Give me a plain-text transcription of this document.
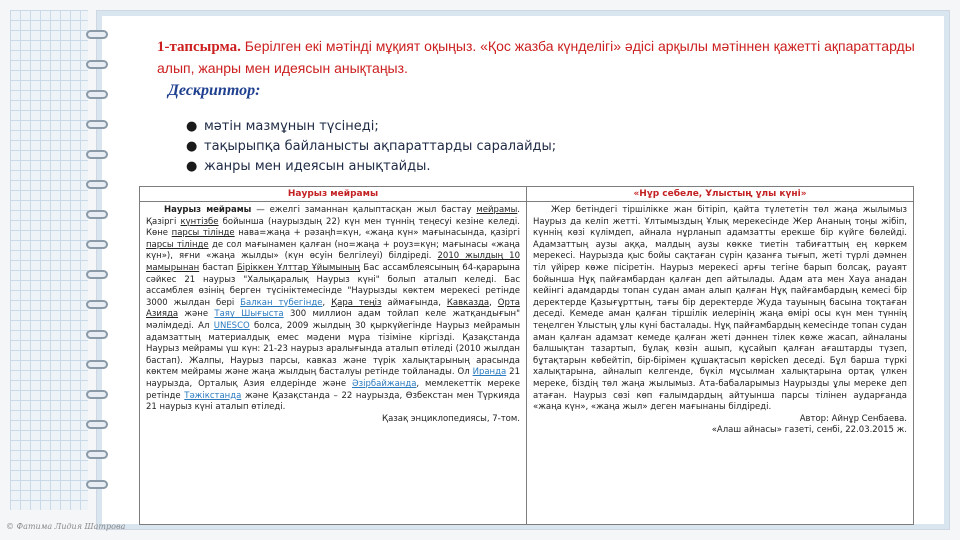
1-тапсырма. Берілген екі мәтінді мұқият оқыңыз. «Қос жазба күнделігі» әдісі арқылы мәтіннен қажетті ақпараттарды алып, жанры мен идеясын анықтаңыз.
Дескриптор:
● мәтін мазмұнын түсінеді;
● тақырыпқа байланысты ақпараттарды саралайды;
● жанры мен идеясын анықтайды.
Наурыз мейрамы	«Нұр себеле, Ұлыстың ұлы күні»

Наурыз мейрамы — ежелгі заманнан қалыптасқан жыл бастау мейрамы. Қазіргі күнтізбе бойынша (наурыздың 22) күн мен түннің теңесуі кезіне келеді. Көне парсы тілінде нава=жаңа + рәзаңһ=күн, «жаңа күн» мағынасында, қазіргі парсы тілінде де сол мағынамен қалған (но=жаңа + роуз=күн; мағынасы «жаңа күн»), яғни «жаңа жылды» (күн өсуін белгілеуі) білдіреді. 2010 жылдың 10 мамырынан бастап Біріккен Ұлттар Ұйымының Бас ассамблеясының 64-қарарына сәйкес 21 наурыз "Халықаралық Наурыз күні" болып аталып келеді. Бас ассамблея өзінің берген түсініктемесінде "Наурызды көктем мерекесі ретінде 3000 жылдан бері Балкан түбегінде, Қара теңіз аймағында, Кавказда, Орта Азияда және Таяу Шығыста 300 миллион адам тойлап келе жатқандығын" мәлімдеді. Ал UNESCO болса, 2009 жылдың 30 қыркүйегінде Наурыз мейрамын адамзаттың материалдық емес мәдени мұра тізіміне кіргізді. Қазақстанда Наурыз мейрамы үш күн: 21-23 наурыз аралығында аталып өтіледі (2010 жылдан бастап). Жалпы, Наурыз парсы, кавказ және түрік халықтарының арасында көктем мейрамы және жаңа жылдың басталуы ретінде тойланады. Ол Иранда 21 наурызда, Орталық Азия елдерінде және Әзірбайжанда, мемлекеттік мереке ретінде Тәжікстанда және Қазақстанда – 22 наурызда, Өзбекстан мен Түркияда 21 наурыз күні аталып өтіледі.

Қазақ энциклопедиясы, 7-том.

Жер бетіндегі тіршілікке жан бітіріп, қайта түлететін төл жаңа жылымыз Наурыз да келіп жетті. Ұлтымыздың Ұлық мерекесінде Жер Ананың тоңы жібіп, күннің көзі күлімдеп, айнала нұрланып адамзатты ерекше бір күйге бөлейді. Адамзаттың аузы аққа, малдың аузы көкке тиетін табиғаттың ең көркем мерекесі. Наурызда қыс бойы сақтаған сүрін қазанға тығып, жеті түрлі дәмнен тіл үйірер көже пісіретін. Наурыз мерекесі арғы тегіне барып болсақ, рауаят бойынша Нұқ пайғамбардан қалған деп айтылады. Адам ата мен Хауа анадан кейінгі адамдарды топан судан аман алып қалған Нұқ пайғамбардың кемесі бір деректерде Қазығұрттың, тағы бір деректерде Жуда тауының басына тоқтаған деседі. Кемеде аман қалған тіршілік иелерінің жаңа өмірі осы күн мен түннің теңелген Ұлыстың ұлы күні басталады. Нұқ пайғамбардың кемесінде топан судан аман қалған адамзат кемеде қалған жеті дәннен тілек көже жасап, айналаны балшықтан тазартып, бұлақ көзін ашып, құсайып қалған ағаштарды түзеп, бұтақтарын көбейтіп, бір-бірімен құшақтасып көрісken деседі. Бұл барша түркі халықтарына, айналып келгенде, бүкіл мұсылман халықтарына ортақ үлкен мереке, біздің төл жаңа жылымыз. Ата-бабаларымыз Наурызды ұлы мереке деп атаған. Наурыз сөзі көп ғалымдардың айтуынша парсы тілінен аударғанда «жаңа күн», «жаңа жыл» деген мағынаны білдіреді.

Автор: Айнұр Сенбаева.

«Алаш айнасы» газеті, сенбі, 22.03.2015 ж.

© Фатима Лидия Шатрова
